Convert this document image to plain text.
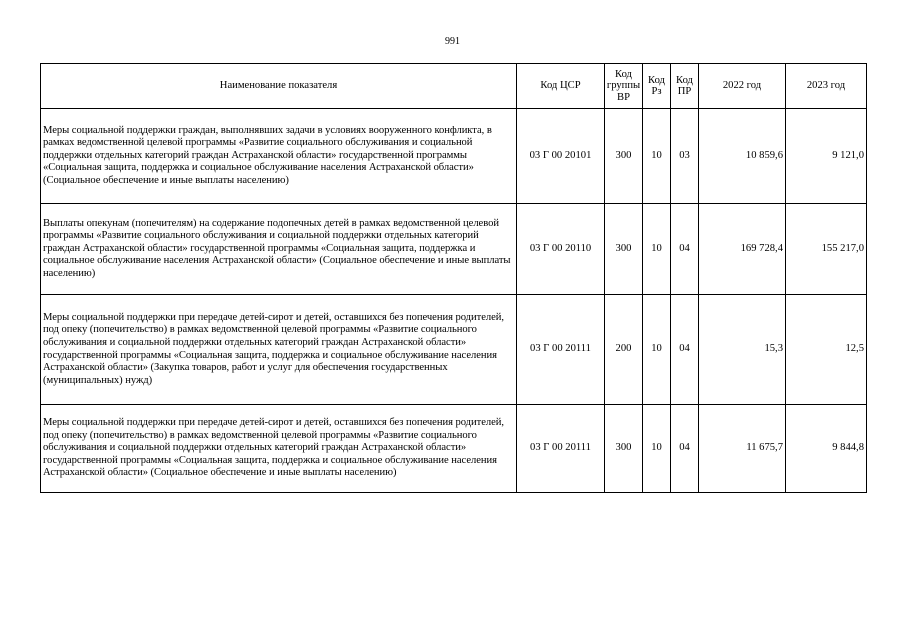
991
Наименование показателя	Код ЦСР	Код группы ВР	Код Рз	Код ПР	2022 год	2023 год
Меры социальной поддержки граждан, выполнявших задачи в условиях вооруженного конфликта, в рамках ведомственной целевой программы «Развитие социального обслуживания и социальной поддержки отдельных категорий граждан Астраханской области» государственной программы «Социальная защита, поддержка и социальное обслуживание населения Астраханской области» (Социальное обеспечение и иные выплаты населению)	03 Г 00 20101	300	10	03	10 859,6	9 121,0
Выплаты опекунам (попечителям) на содержание подопечных детей в рамках ведомственной целевой программы «Развитие социального обслуживания и социальной поддержки отдельных категорий граждан Астраханской области» государственной программы «Социальная защита, поддержка и социальное обслуживание населения Астраханской области» (Социальное обеспечение и иные выплаты населению)	03 Г 00 20110	300	10	04	169 728,4	155 217,0
Меры социальной поддержки при передаче детей-сирот и детей, оставшихся без попечения родителей, под опеку (попечительство) в рамках ведомственной целевой программы «Развитие социального обслуживания и социальной поддержки отдельных категорий граждан Астраханской области» государственной программы «Социальная защита, поддержка и социальное обслуживание населения Астраханской области» (Закупка товаров, работ и услуг для обеспечения государственных (муниципальных) нужд)	03 Г 00 20111	200	10	04	15,3	12,5
Меры социальной поддержки при передаче детей-сирот и детей, оставшихся без попечения родителей, под опеку (попечительство) в рамках ведомственной целевой программы «Развитие социального обслуживания и социальной поддержки отдельных категорий граждан Астраханской области» государственной программы «Социальная защита, поддержка и социальное обслуживание населения Астраханской области» (Социальное обеспечение и иные выплаты населению)	03 Г 00 20111	300	10	04	11 675,7	9 844,8
